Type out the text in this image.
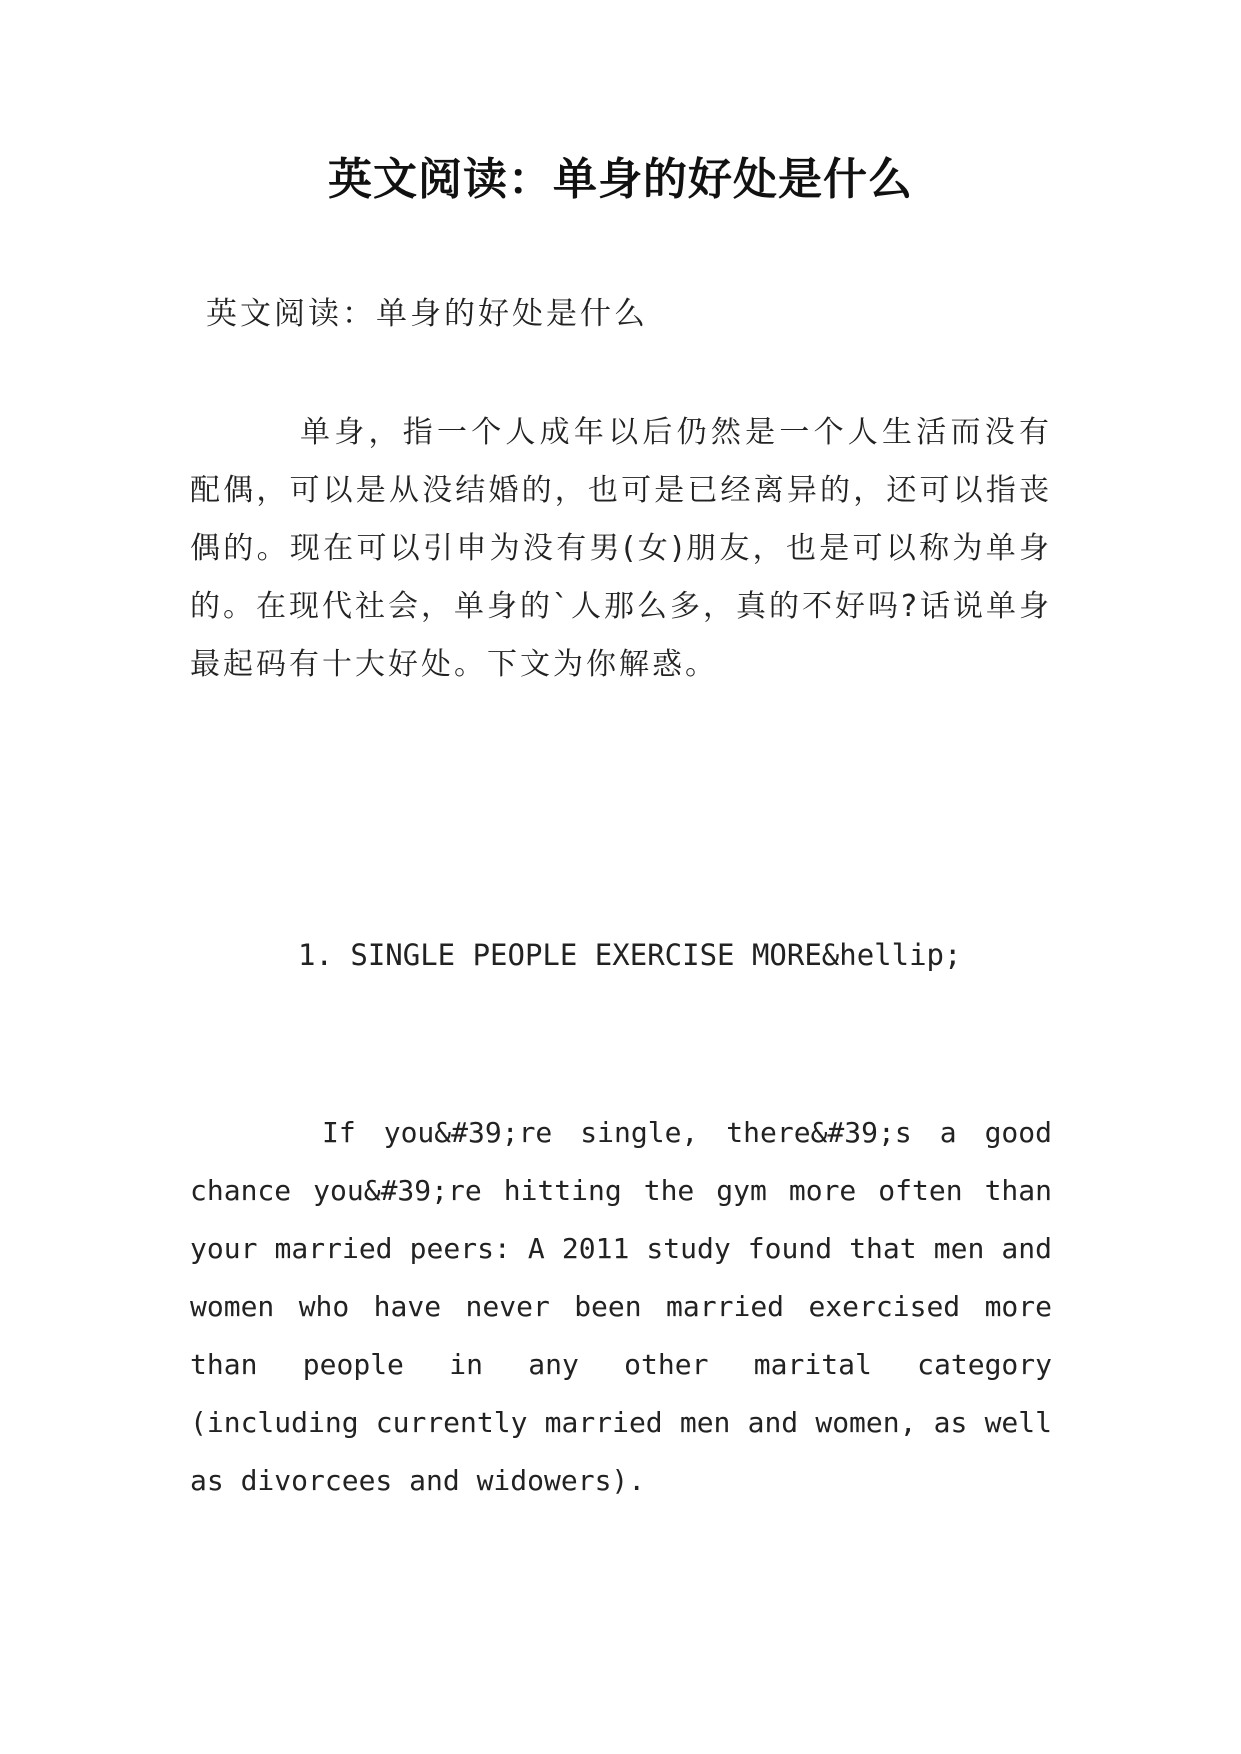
英文阅读：单身的好处是什么
英文阅读：单身的好处是什么

单身，指一个人成年以后仍然是一个人生活而没有配偶，可以是从没结婚的，也可是已经离异的，还可以指丧偶的。现在可以引申为没有男(女)朋友，也是可以称为单身的。在现代社会，单身的`人那么多，真的不好吗?话说单身最起码有十大好处。下文为你解惑。

1. SINGLE PEOPLE EXERCISE MORE&hellip;

If you&#39;re single, there&#39;s a good chance you&#39;re hitting the gym more often than your married peers: A 2011 study found that men and women who have never been married exercised more than people in any other marital category (including currently married men and women, as well as divorcees and widowers).
